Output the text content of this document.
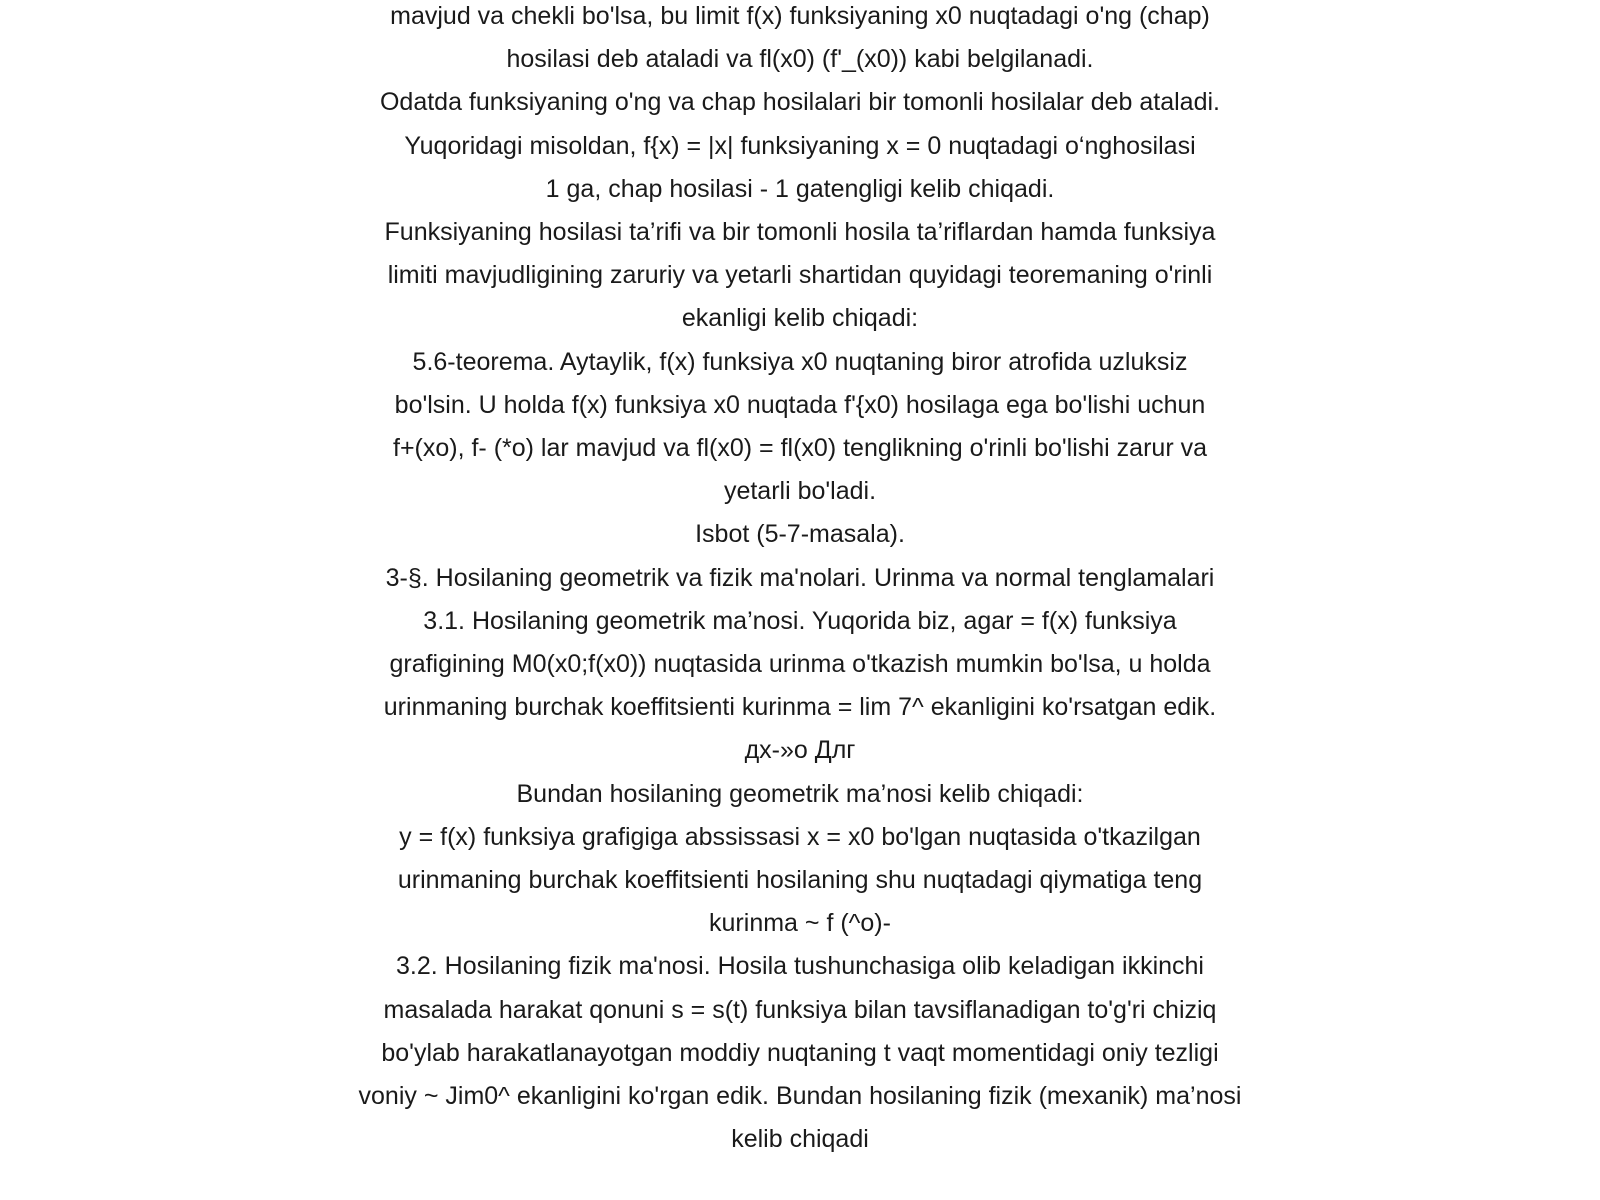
mavjud va chekli bo'lsa, bu limit f(x) funksiyaning x0 nuqtadagi o'ng (chap)
hosilasi deb ataladi va fl(x0) (f'_(x0)) kabi belgilanadi.
Odatda funksiyaning o'ng va chap hosilalari bir tomonli hosilalar deb ataladi.
Yuqoridagi misoldan, f{x) = |x| funksiyaning x = 0 nuqtadagi o‘nghosilasi
1 ga, chap hosilasi - 1 gatengligi kelib chiqadi.
Funksiyaning hosilasi ta’rifi va bir tomonli hosila ta’riflardan hamda funksiya
limiti mavjudligining zaruriy va yetarli shartidan quyidagi teoremaning o'rinli
ekanligi kelib chiqadi:
5.6-teorema. Aytaylik, f(x) funksiya x0 nuqtaning biror atrofida uzluksiz
bo'lsin. U holda f(x) funksiya x0 nuqtada f'{x0) hosilaga ega bo'lishi uchun
f+(xo), f- (*o) lar mavjud va fl(x0) = fl(x0) tenglikning o'rinli bo'lishi zarur va
yetarli bo'ladi.
Isbot (5-7-masala).
3-§. Hosilaning geometrik va fizik ma'nolari. Urinma va normal tenglamalari
3.1. Hosilaning geometrik ma’nosi. Yuqorida biz, agar = f(x) funksiya
grafigining M0(x0;f(x0)) nuqtasida urinma o'tkazish mumkin bo'lsa, u holda
urinmaning burchak koeffitsienti kurinma = lim 7^ ekanligini ko'rsatgan edik.
дх-»о Длг
Bundan hosilaning geometrik ma’nosi kelib chiqadi:
y = f(x) funksiya grafigiga abssissasi x = x0 bo'lgan nuqtasida o'tkazilgan
urinmaning burchak koeffitsienti hosilaning shu nuqtadagi qiymatiga teng
kurinma ~ f (^o)-
3.2. Hosilaning fizik ma'nosi. Hosila tushunchasiga olib keladigan ikkinchi
masalada harakat qonuni s = s(t) funksiya bilan tavsiflanadigan to'g'ri chiziq
bo'ylab harakatlanayotgan moddiy nuqtaning t vaqt momentidagi oniy tezligi
voniy ~ Jim0^ ekanligini ko'rgan edik. Bundan hosilaning fizik (mexanik) ma’nosi
kelib chiqadi
